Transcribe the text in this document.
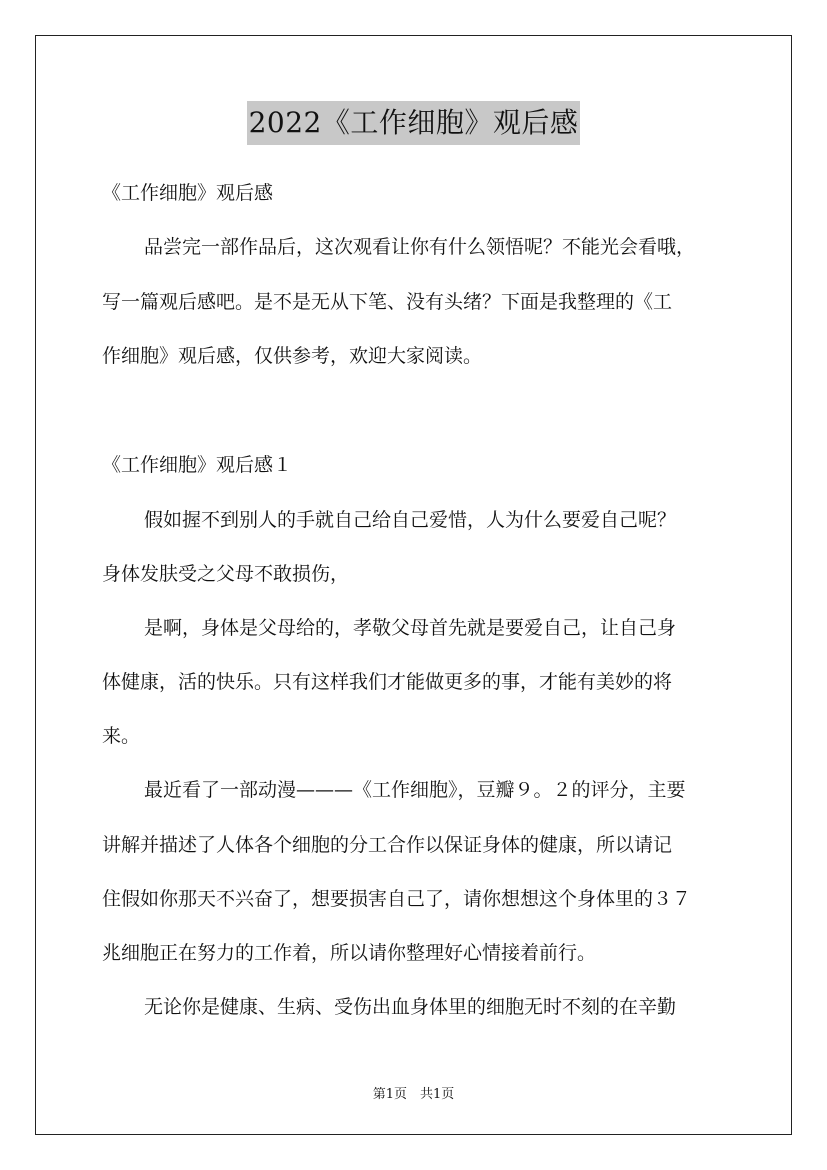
2022《工作细胞》观后感
《工作细胞》观后感
品尝完一部作品后，这次观看让你有什么领悟呢？不能光会看哦，
写一篇观后感吧。是不是无从下笔、没有头绪？下面是我整理的《工
作细胞》观后感，仅供参考，欢迎大家阅读。
《工作细胞》观后感１
假如握不到别人的手就自己给自己爱惜，人为什么要爱自己呢？
身体发肤受之父母不敢损伤，
是啊，身体是父母给的，孝敬父母首先就是要爱自己，让自己身
体健康，活的快乐。只有这样我们才能做更多的事，才能有美妙的将
来。
最近看了一部动漫———《工作细胞》，豆瓣９。２的评分，主要
讲解并描述了人体各个细胞的分工合作以保证身体的健康，所以请记
住假如你那天不兴奋了，想要损害自己了，请你想想这个身体里的３７
兆细胞正在努力的工作着，所以请你整理好心情接着前行。
无论你是健康、生病、受伤出血身体里的细胞无时不刻的在辛勤
第1页　共1页
